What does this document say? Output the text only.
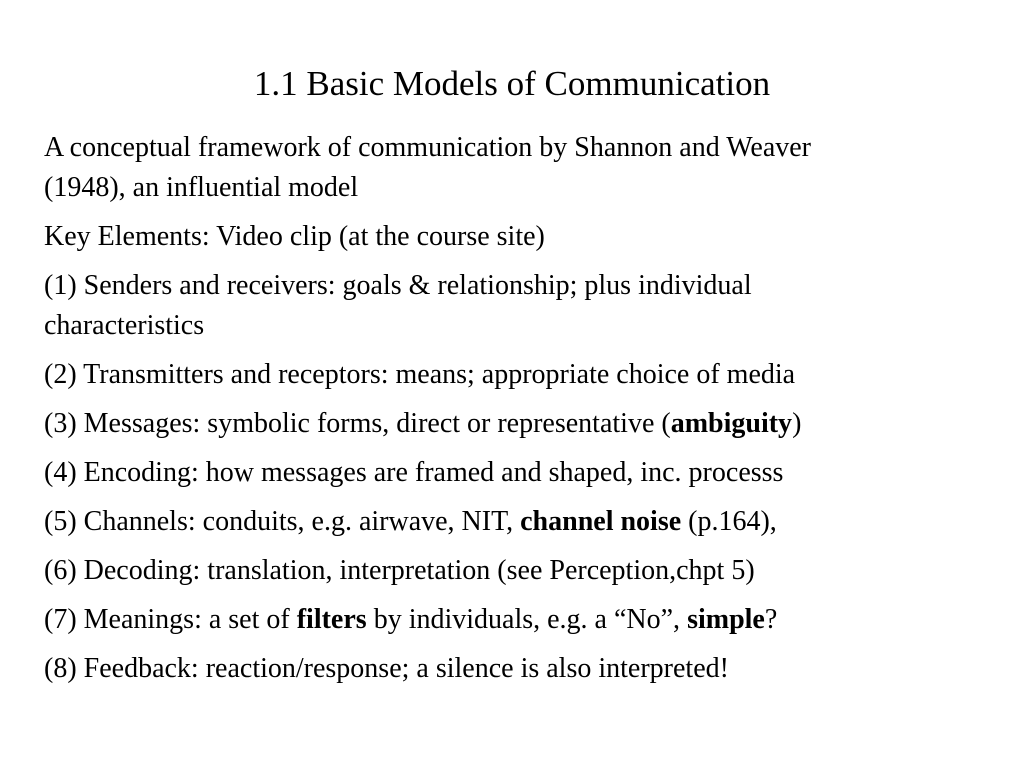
1.1 Basic Models of Communication
A conceptual framework of communication by Shannon and Weaver
(1948), an influential model
Key Elements: Video clip (at the course site)
(1) Senders and receivers: goals & relationship; plus individual
characteristics
(2) Transmitters and receptors: means; appropriate choice of media
(3) Messages: symbolic forms, direct or representative (ambiguity)
(4) Encoding: how messages are framed and shaped, inc. processs
(5) Channels: conduits, e.g. airwave, NIT, channel noise (p.164),
(6) Decoding: translation, interpretation (see Perception,chpt 5)
(7) Meanings: a set of filters by individuals, e.g. a “No”, simple?
(8) Feedback: reaction/response; a silence is also interpreted!
